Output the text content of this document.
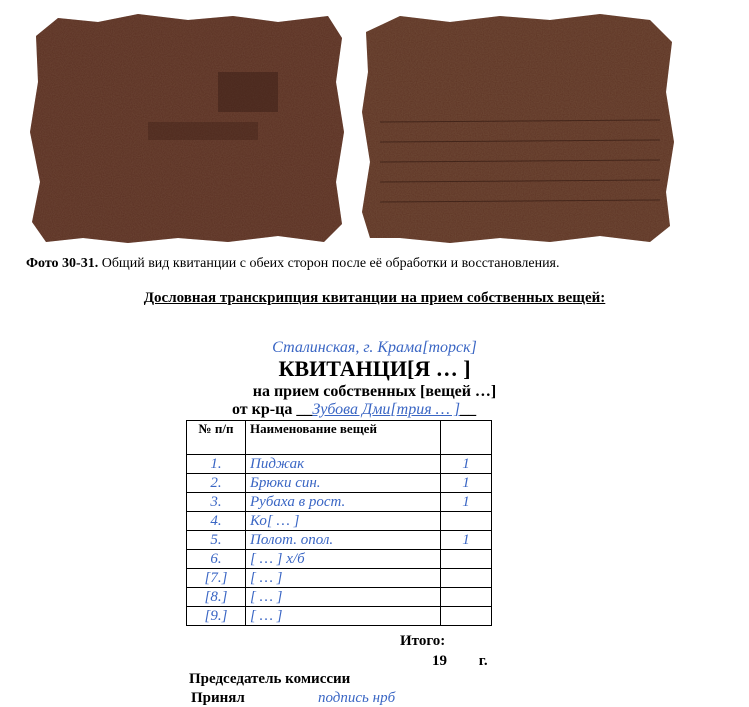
Фото 30-31. Общий вид квитанции с обеих сторон после её обработки и восстановления.
Дословная транскрипция квитанции на прием собственных вещей:
Сталинская, г. Крама[торск]
КВИТАНЦИ[Я … ]
на прием собственных [вещей …]
от кр-ца __Зубова Дми[трия … ]__
№ п/п	Наименование вещей	
1.	Пиджак	1
2.	Брюки син.	1
3.	Рубаха в рост.	1
4.	Ко[ … ]	
5.	Полот. опол.	1
6.	[ … ] х/б	
[7.]	[ … ]	
[8.]	[ … ]	
[9.]	[ … ]	
Итого:
19 г.
Председатель комиссии
Принял	подпись нрб
